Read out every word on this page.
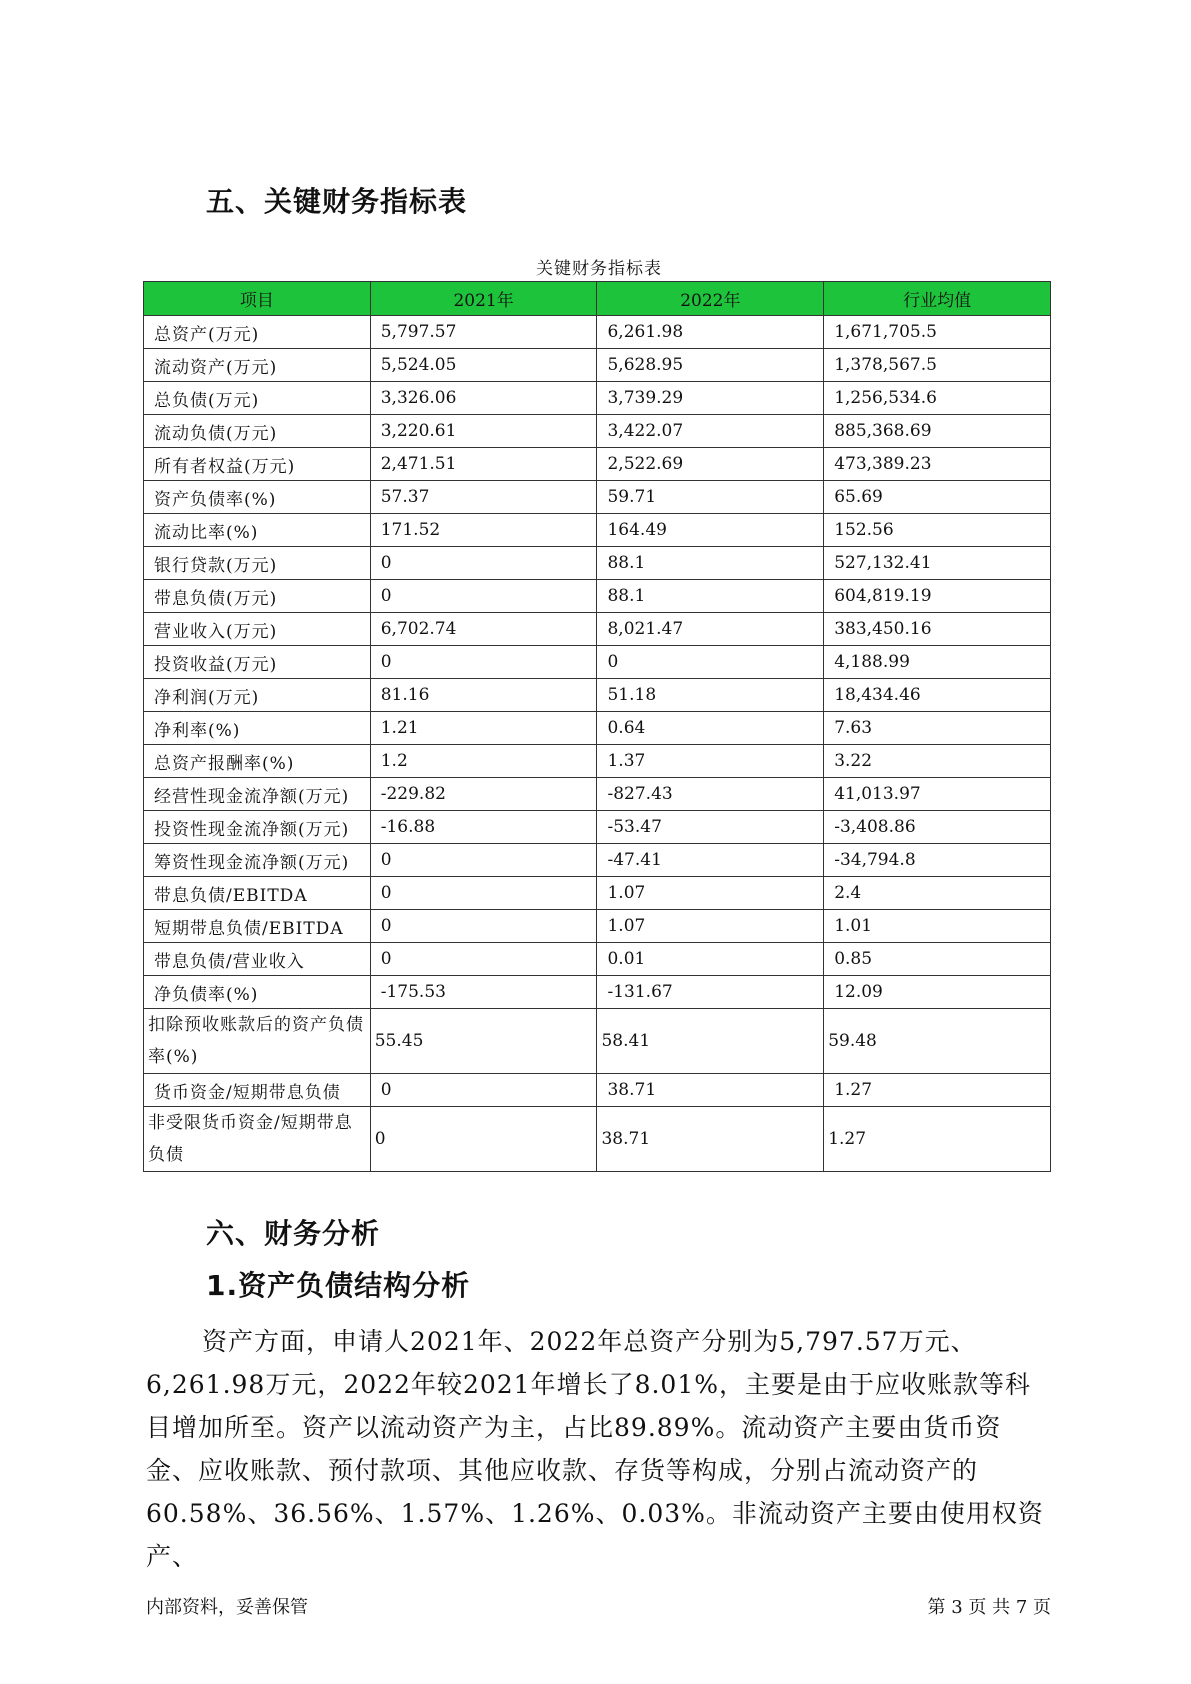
五、关键财务指标表
关键财务指标表
项目	2021年	2022年	行业均值
总资产(万元)	5,797.57	6,261.98	1,671,705.5
流动资产(万元)	5,524.05	5,628.95	1,378,567.5
总负债(万元)	3,326.06	3,739.29	1,256,534.6
流动负债(万元)	3,220.61	3,422.07	885,368.69
所有者权益(万元)	2,471.51	2,522.69	473,389.23
资产负债率(%)	57.37	59.71	65.69
流动比率(%)	171.52	164.49	152.56
银行贷款(万元)	0	88.1	527,132.41
带息负债(万元)	0	88.1	604,819.19
营业收入(万元)	6,702.74	8,021.47	383,450.16
投资收益(万元)	0	0	4,188.99
净利润(万元)	81.16	51.18	18,434.46
净利率(%)	1.21	0.64	7.63
总资产报酬率(%)	1.2	1.37	3.22
经营性现金流净额(万元)	-229.82	-827.43	41,013.97
投资性现金流净额(万元)	-16.88	-53.47	-3,408.86
筹资性现金流净额(万元)	0	-47.41	-34,794.8
带息负债/EBITDA	0	1.07	2.4
短期带息负债/EBITDA	0	1.07	1.01
带息负债/营业收入	0	0.01	0.85
净负债率(%)	-175.53	-131.67	12.09
扣除预收账款后的资产负债率(%)	55.45	58.41	59.48
货币资金/短期带息负债	0	38.71	1.27
非受限货币资金/短期带息负债	0	38.71	1.27
六、财务分析
1.资产负债结构分析

资产方面，申请人2021年、2022年总资产分别为5,797.57万元、6,261.98万元，2022年较2021年增长了8.01%，主要是由于应收账款等科目增加所至。资产以流动资产为主，占比89.89%。流动资产主要由货币资金、应收账款、预付款项、其他应收款、存货等构成，分别占流动资产的60.58%、36.56%、1.57%、1.26%、0.03%。非流动资产主要由使用权资产、

内部资料，妥善保管	第 3 页 共 7 页
